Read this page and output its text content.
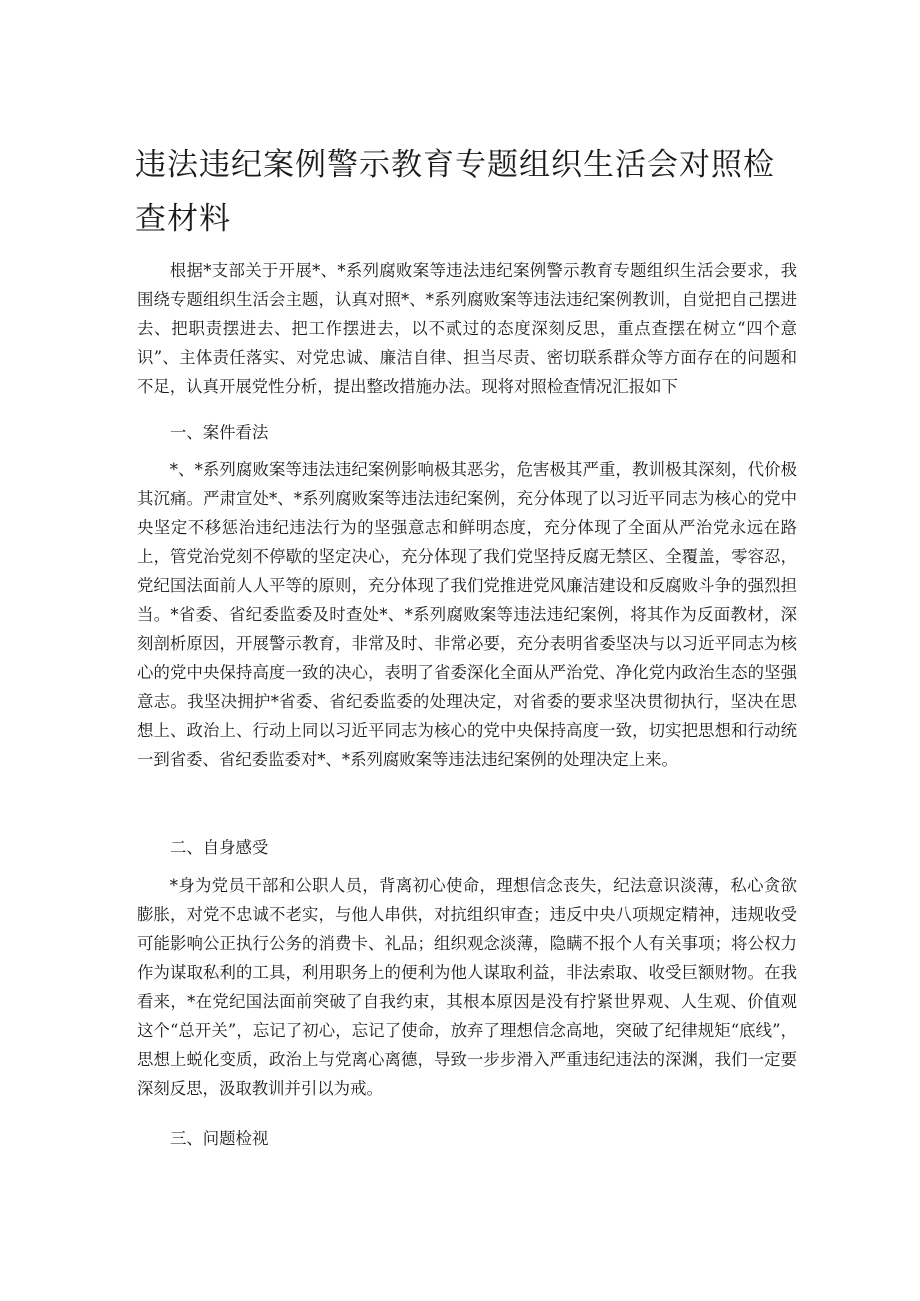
违法违纪案例警示教育专题组织生活会对照检查材料

根据*支部关于开展*、*系列腐败案等违法违纪案例警示教育专题组织生活会要求，我围绕专题组织生活会主题，认真对照*、*系列腐败案等违法违纪案例教训，自觉把自己摆进去、把职责摆进去、把工作摆进去，以不贰过的态度深刻反思，重点查摆在树立“四个意识”、主体责任落实、对党忠诚、廉洁自律、担当尽责、密切联系群众等方面存在的问题和不足，认真开展党性分析，提出整改措施办法。现将对照检查情况汇报如下

一、案件看法

*、*系列腐败案等违法违纪案例影响极其恶劣，危害极其严重，教训极其深刻，代价极其沉痛。严肃宣处*、*系列腐败案等违法违纪案例，充分体现了以习近平同志为核心的党中央坚定不移惩治违纪违法行为的坚强意志和鲜明态度，充分体现了全面从严治党永远在路上，管党治党刻不停歇的坚定决心，充分体现了我们党坚持反腐无禁区、全覆盖，零容忍，党纪国法面前人人平等的原则，充分体现了我们党推进党风廉洁建设和反腐败斗争的强烈担当。*省委、省纪委监委及时查处*、*系列腐败案等违法违纪案例，将其作为反面教材，深刻剖析原因，开展警示教育，非常及时、非常必要，充分表明省委坚决与以习近平同志为核心的党中央保持高度一致的决心，表明了省委深化全面从严治党、净化党内政治生态的坚强意志。我坚决拥护*省委、省纪委监委的处理决定，对省委的要求坚决贯彻执行，坚决在思想上、政治上、行动上同以习近平同志为核心的党中央保持高度一致，切实把思想和行动统一到省委、省纪委监委对*、*系列腐败案等违法违纪案例的处理决定上来。

二、自身感受

*身为党员干部和公职人员，背离初心使命，理想信念丧失，纪法意识淡薄，私心贪欲膨胀，对党不忠诚不老实，与他人串供，对抗组织审查；违反中央八项规定精神，违规收受可能影响公正执行公务的消费卡、礼品；组织观念淡薄，隐瞒不报个人有关事项；将公权力作为谋取私利的工具，利用职务上的便利为他人谋取利益，非法索取、收受巨额财物。在我看来，*在党纪国法面前突破了自我约束，其根本原因是没有拧紧世界观、人生观、价值观这个“总开关”，忘记了初心，忘记了使命，放弃了理想信念高地，突破了纪律规矩“底线”，思想上蜕化变质，政治上与党离心离德，导致一步步滑入严重违纪违法的深渊，我们一定要深刻反思，汲取教训并引以为戒。

三、问题检视
